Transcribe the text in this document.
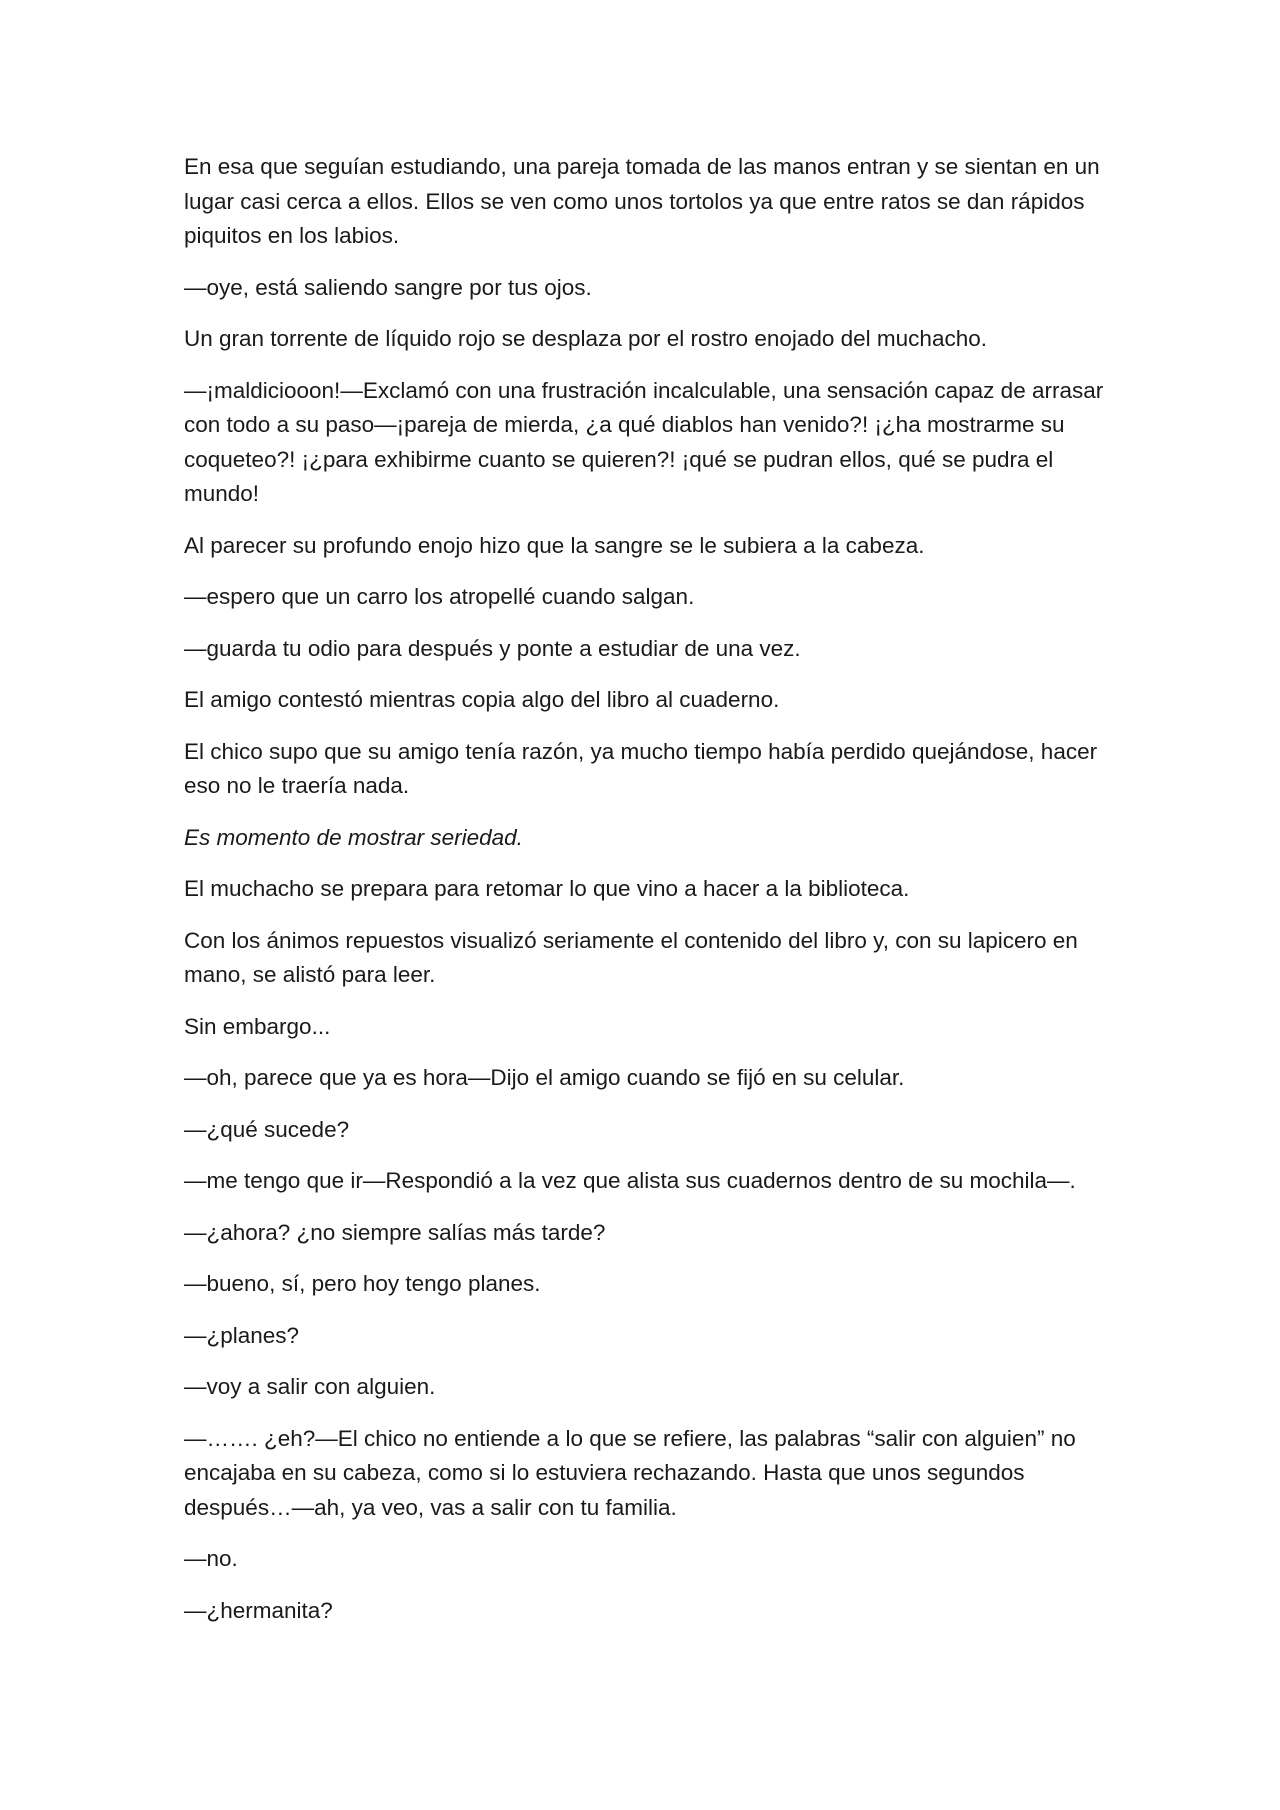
En esa que seguían estudiando, una pareja tomada de las manos entran y se sientan en un lugar casi cerca a ellos. Ellos se ven como unos tortolos ya que entre ratos se dan rápidos piquitos en los labios.

—oye, está saliendo sangre por tus ojos.

Un gran torrente de líquido rojo se desplaza por el rostro enojado del muchacho.

—¡maldiciooon!—Exclamó con una frustración incalculable, una sensación capaz de arrasar con todo a su paso—¡pareja de mierda, ¿a qué diablos han venido?! ¡¿ha mostrarme su coqueteo?! ¡¿para exhibirme cuanto se quieren?! ¡qué se pudran ellos, qué se pudra el mundo!

Al parecer su profundo enojo hizo que la sangre se le subiera a la cabeza.

—espero que un carro los atropellé cuando salgan.

—guarda tu odio para después y ponte a estudiar de una vez.

El amigo contestó mientras copia algo del libro al cuaderno.

El chico supo que su amigo tenía razón, ya mucho tiempo había perdido quejándose, hacer eso no le traería nada.

Es momento de mostrar seriedad.

El muchacho se prepara para retomar lo que vino a hacer a la biblioteca.

Con los ánimos repuestos visualizó seriamente el contenido del libro y, con su lapicero en mano, se alistó para leer.

Sin embargo...

—oh, parece que ya es hora—Dijo el amigo cuando se fijó en su celular.

—¿qué sucede?

—me tengo que ir—Respondió a la vez que alista sus cuadernos dentro de su mochila—.

—¿ahora? ¿no siempre salías más tarde?

—bueno, sí, pero hoy tengo planes.

—¿planes?

—voy a salir con alguien.

—……. ¿eh?—El chico no entiende a lo que se refiere, las palabras “salir con alguien” no encajaba en su cabeza, como si lo estuviera rechazando. Hasta que unos segundos después…—ah, ya veo, vas a salir con tu familia.

—no.

—¿hermanita?
